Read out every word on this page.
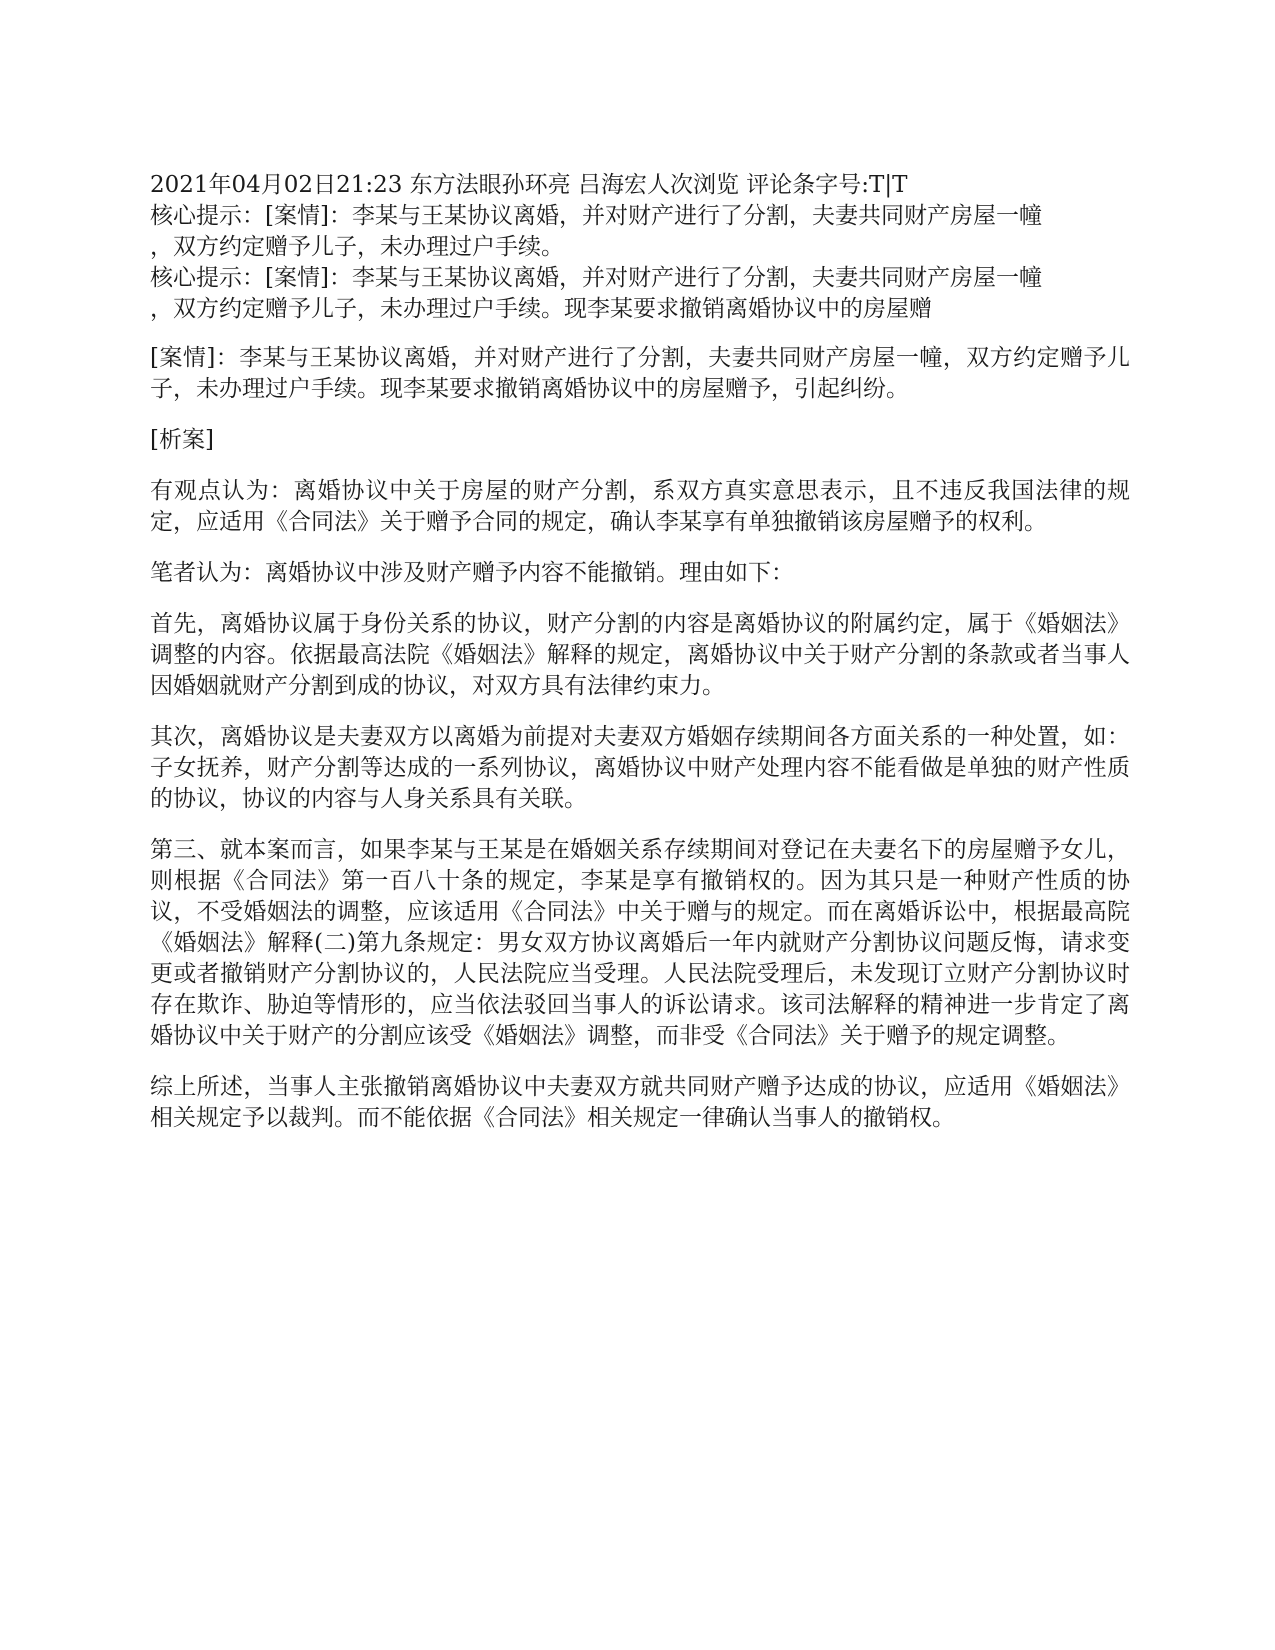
2021年04月02日21:23 东方法眼孙环亮 吕海宏人次浏览 评论条字号:T|T

核心提示：[案情]：李某与王某协议离婚，并对财产进行了分割，夫妻共同财产房屋一幢

，双方约定赠予儿子，未办理过户手续。

核心提示：[案情]：李某与王某协议离婚，并对财产进行了分割，夫妻共同财产房屋一幢

，双方约定赠予儿子，未办理过户手续。现李某要求撤销离婚协议中的房屋赠

[案情]：李某与王某协议离婚，并对财产进行了分割，夫妻共同财产房屋一幢，双方约定赠予儿子，未办理过户手续。现李某要求撤销离婚协议中的房屋赠予，引起纠纷。

[析案]

有观点认为：离婚协议中关于房屋的财产分割，系双方真实意思表示，且不违反我国法律的规定，应适用《合同法》关于赠予合同的规定，确认李某享有单独撤销该房屋赠予的权利。

笔者认为：离婚协议中涉及财产赠予内容不能撤销。理由如下：

首先，离婚协议属于身份关系的协议，财产分割的内容是离婚协议的附属约定，属于《婚姻法》调整的内容。依据最高法院《婚姻法》解释的规定，离婚协议中关于财产分割的条款或者当事人因婚姻就财产分割到成的协议，对双方具有法律约束力。

其次，离婚协议是夫妻双方以离婚为前提对夫妻双方婚姻存续期间各方面关系的一种处置，如：子女抚养，财产分割等达成的一系列协议，离婚协议中财产处理内容不能看做是单独的财产性质的协议，协议的内容与人身关系具有关联。

第三、就本案而言，如果李某与王某是在婚姻关系存续期间对登记在夫妻名下的房屋赠予女儿，则根据《合同法》第一百八十条的规定，李某是享有撤销权的。因为其只是一种财产性质的协议，不受婚姻法的调整，应该适用《合同法》中关于赠与的规定。而在离婚诉讼中，根据最高院《婚姻法》解释(二)第九条规定：男女双方协议离婚后一年内就财产分割协议问题反悔，请求变更或者撤销财产分割协议的，人民法院应当受理。人民法院受理后，未发现订立财产分割协议时存在欺诈、胁迫等情形的，应当依法驳回当事人的诉讼请求。该司法解释的精神进一步肯定了离婚协议中关于财产的分割应该受《婚姻法》调整，而非受《合同法》关于赠予的规定调整。

综上所述，当事人主张撤销离婚协议中夫妻双方就共同财产赠予达成的协议，应适用《婚姻法》相关规定予以裁判。而不能依据《合同法》相关规定一律确认当事人的撤销权。
